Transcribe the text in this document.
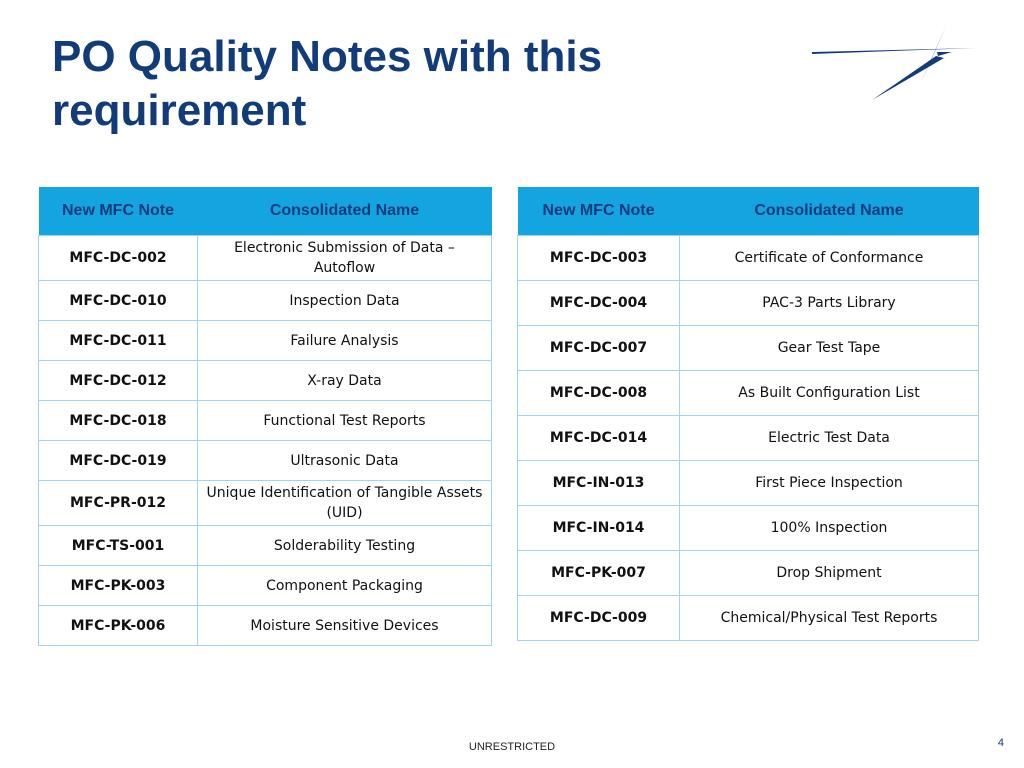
PO Quality Notes with this requirement
New MFC Note	Consolidated Name
MFC-DC-002	Electronic Submission of Data – Autoflow
MFC-DC-010	Inspection Data
MFC-DC-011	Failure Analysis
MFC-DC-012	X-ray Data
MFC-DC-018	Functional Test Reports
MFC-DC-019	Ultrasonic Data
MFC-PR-012	Unique Identification of Tangible Assets (UID)
MFC-TS-001	Solderability Testing
MFC-PK-003	Component Packaging
MFC-PK-006	Moisture Sensitive Devices
New MFC Note	Consolidated Name
MFC-DC-003	Certificate of Conformance
MFC-DC-004	PAC-3 Parts Library
MFC-DC-007	Gear Test Tape
MFC-DC-008	As Built Configuration List
MFC-DC-014	Electric Test Data
MFC-IN-013	First Piece Inspection
MFC-IN-014	100% Inspection
MFC-PK-007	Drop Shipment
MFC-DC-009	Chemical/Physical Test Reports
UNRESTRICTED	4
